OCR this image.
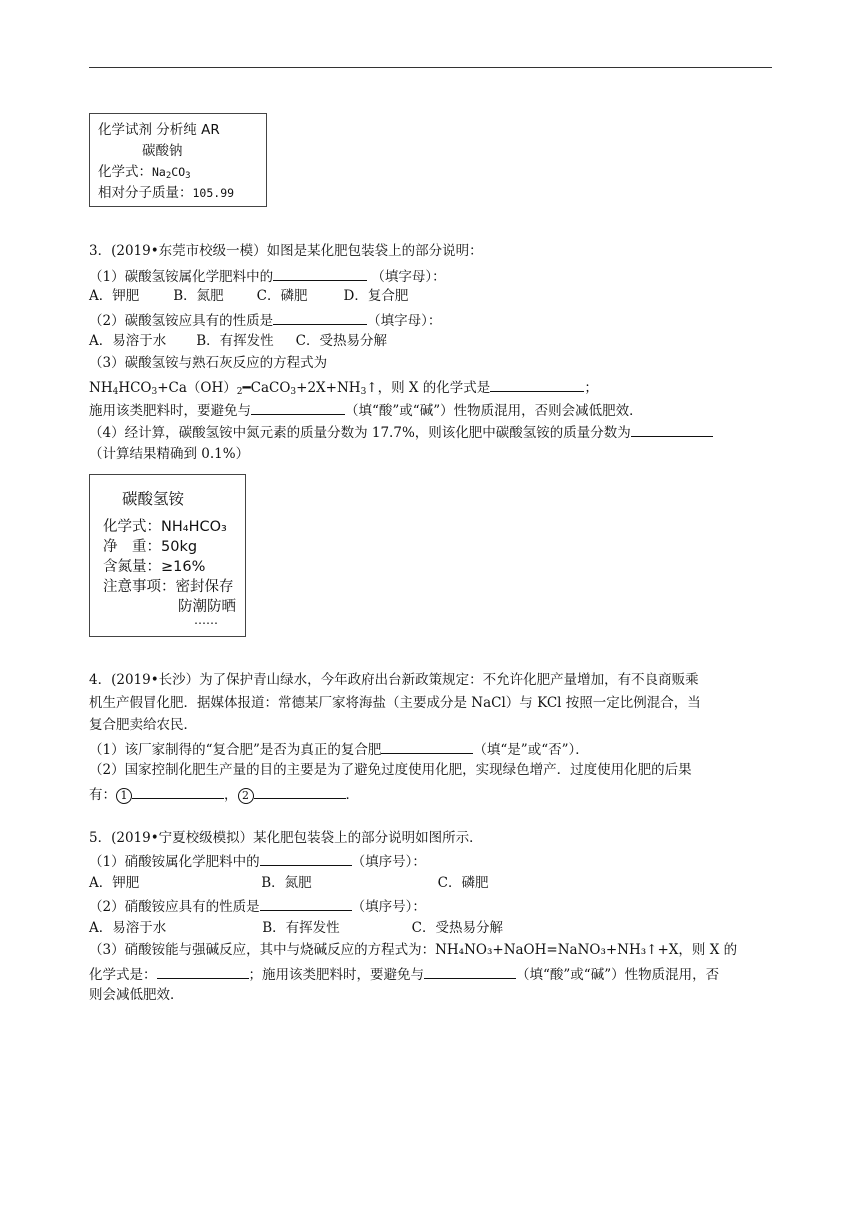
化学试剂 分析纯 AR
碳酸钠
化学式：$Na_2CO_3$
相对分子质量：105.99
3．(2019•东莞市校级一模）如图是某化肥包装袋上的部分说明：
（1）碳酸氢铵属化学肥料中的	（填字母）：
A．钾肥	B．氮肥 C．磷肥	D．复合肥
（2）碳酸氢铵应具有的性质是	（填字母）：
A．易溶于水 B．有挥发性 C．受热易分解
（3）碳酸氢铵与熟石灰反应的方程式为
$NH_4HCO_3+Ca(OH)_2━CaCO_3+2X+NH_3↑$，则 X 的化学式是	；
施用该类肥料时，要避免与	（填“酸”或“碱”）性物质混用，否则会减低肥效．
（4）经计算，碳酸氢铵中氮元素的质量分数为 17.7%，则该化肥中碳酸氢铵的质量分数为
（计算结果精确到 0.1%）
碳酸氢铵
化学式：NH₄HCO₃
净　重：50kg
含氮量：≥16%
注意事项：密封保存
防潮防晒
……
4．(2019•长沙）为了保护青山绿水，今年政府出台新政策规定：不允许化肥产量增加，有不良商贩乘
机生产假冒化肥．据媒体报道：常德某厂家将海盐（主要成分是 NaCl）与 KCl 按照一定比例混合，当
复合肥卖给农民．
（1）该厂家制得的“复合肥”是否为真正的复合肥	（填“是”或“否”）．
（2）国家控制化肥生产量的目的主要是为了避免过度使用化肥，实现绿色增产．过度使用化肥的后果
有： 1	， 2	．
5．(2019•宁夏校级模拟）某化肥包装袋上的部分说明如图所示．
（1）硝酸铵属化学肥料中的	（填序号）：
A．钾肥	B．氮肥	C．磷肥
（2）硝酸铵应具有的性质是	（填序号）：
A．易溶于水	B．有挥发性	C．受热易分解
（3）硝酸铵能与强碱反应，其中与烧碱反应的方程式为：NH₄NO₃+NaOH=NaNO₃+NH₃↑+X，则 X 的
化学式是：	；施用该类肥料时，要避免与	（填“酸”或“碱”）性物质混用，否
则会减低肥效．
